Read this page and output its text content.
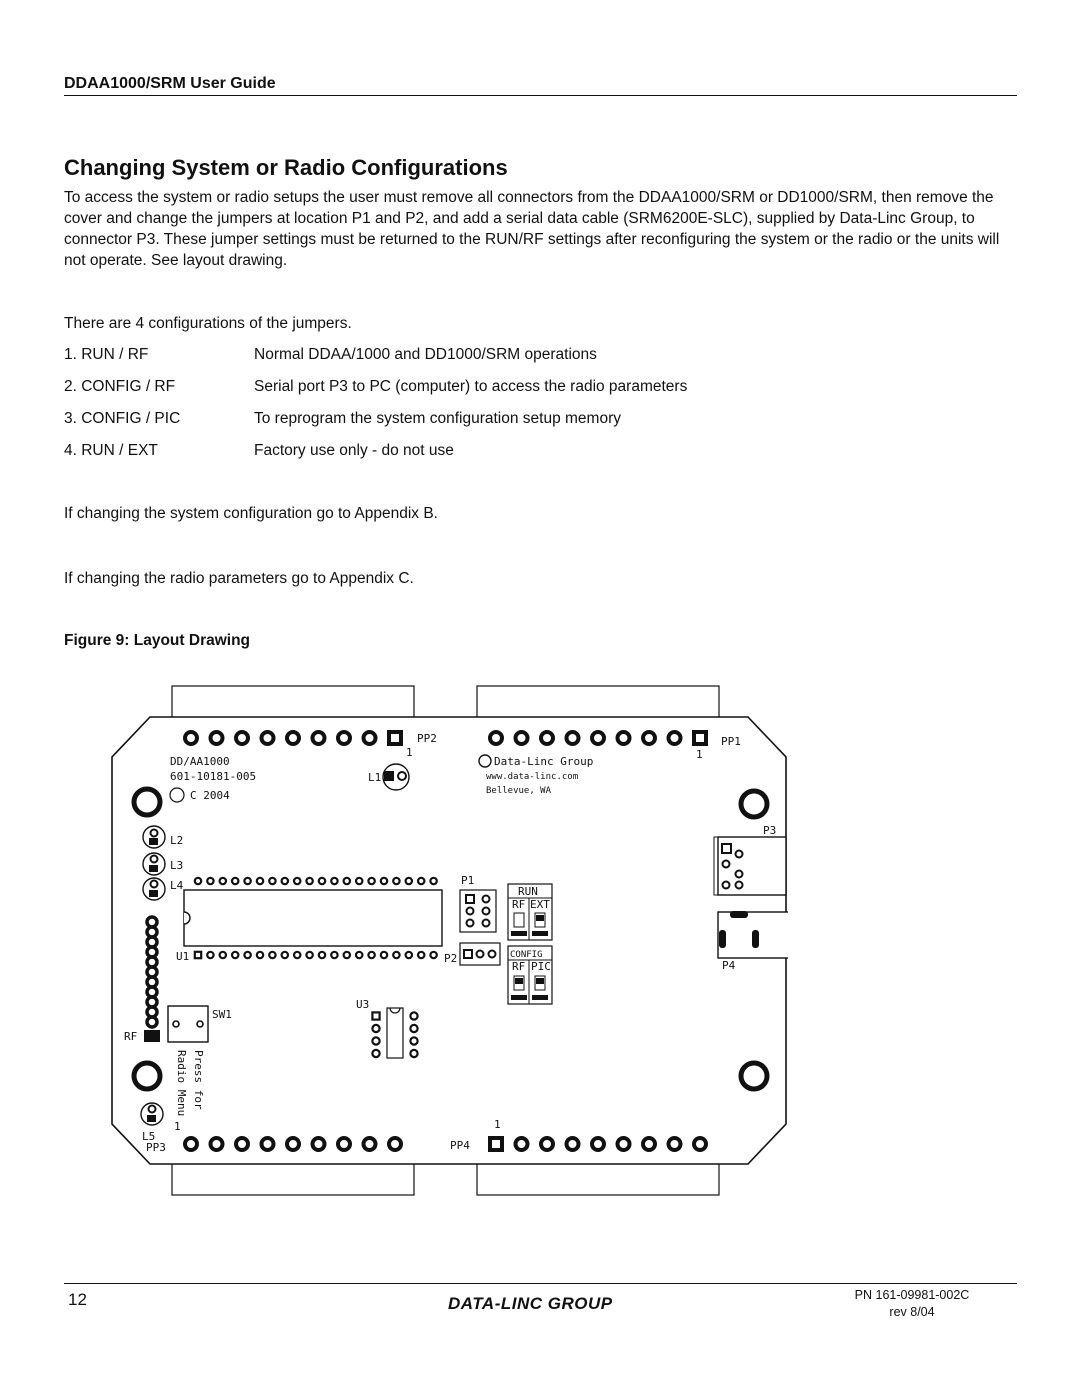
DDAA1000/SRM User Guide
Changing System or Radio Configurations
To access the system or radio setups the user must remove all connectors from the DDAA1000/SRM or DD1000/SRM, then remove the cover and change the jumpers at location P1 and P2, and add a serial data cable (SRM6200E-SLC), supplied by Data-Linc Group, to connector P3. These jumper settings must be returned to the RUN/RF settings after reconfiguring the system or the radio or the units will not operate. See layout drawing.
There are 4 configurations of the jumpers.
1. RUN / RF	Normal DDAA/1000 and DD1000/SRM operations
2. CONFIG / RF	Serial port P3 to PC (computer) to access the radio parameters
3. CONFIG / PIC	To reprogram the system configuration setup memory
4. RUN / EXT	Factory use only - do not use
If changing the system configuration go to Appendix B.
If changing the radio parameters go to Appendix C.
Figure 9: Layout Drawing
PP2
1
PP1
1
DD/AA1000
601-10181-005
C 2004
L1
Data-Linc Group
www.data-linc.com
Bellevue, WA
L2
L3
L4
RF
U1
P1
P2
RUN
RF EXT
CONFIG
RF PIC
P3
P4
SW1
U3
Press for
Radio Menu
L5
PP3
1
PP4
1
12	DATA-LINC GROUP	PN 161-09981-002C
rev 8/04
